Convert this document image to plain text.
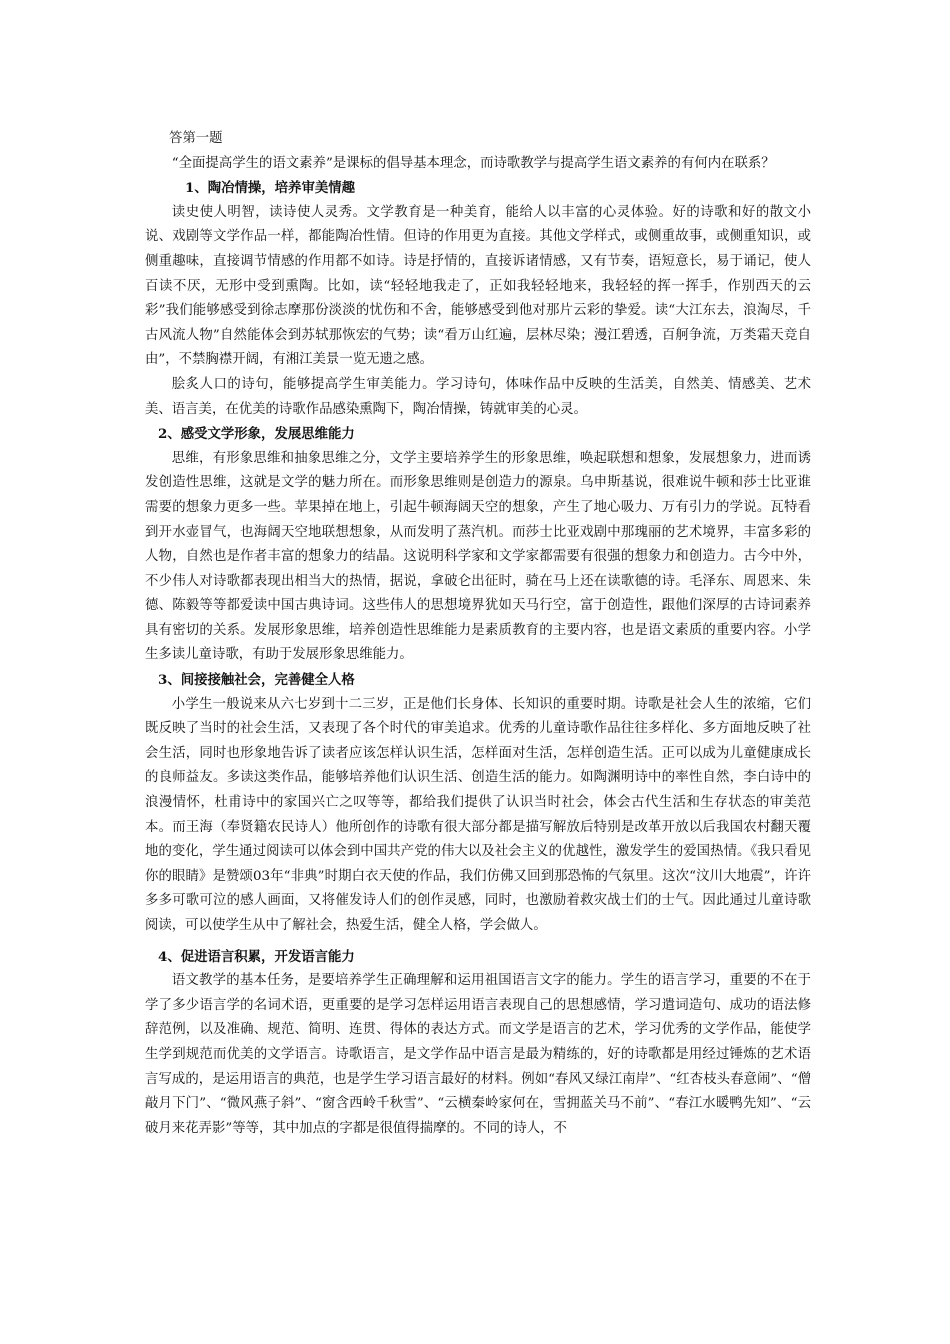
答第一题

“全面提高学生的语文素养”是课标的倡导基本理念，而诗歌教学与提高学生语文素养的有何内在联系？

1、陶冶情操，培养审美情趣

读史使人明智，读诗使人灵秀。文学教育是一种美育，能给人以丰富的心灵体验。好的诗歌和好的散文小说、戏剧等文学作品一样，都能陶冶性情。但诗的作用更为直接。其他文学样式，或侧重故事，或侧重知识，或侧重趣味，直接调节情感的作用都不如诗。诗是抒情的，直接诉诸情感，又有节奏，语短意长，易于诵记，使人百读不厌，无形中受到熏陶。比如，读“轻轻地我走了，正如我轻轻地来，我轻轻的挥一挥手，作别西天的云彩”我们能够感受到徐志摩那份淡淡的忧伤和不舍，能够感受到他对那片云彩的挚爱。读“大江东去，浪淘尽，千古风流人物”自然能体会到苏轼那恢宏的气势；读“看万山红遍，层林尽染；漫江碧透，百舸争流，万类霜天竞自由”，不禁胸襟开阔，有湘江美景一览无遗之感。

脍炙人口的诗句，能够提高学生审美能力。学习诗句，体味作品中反映的生活美，自然美、情感美、艺术美、语言美，在优美的诗歌作品感染熏陶下，陶冶情操，铸就审美的心灵。

2、感受文学形象，发展思维能力

思维，有形象思维和抽象思维之分，文学主要培养学生的形象思维，唤起联想和想象，发展想象力，进而诱发创造性思维，这就是文学的魅力所在。而形象思维则是创造力的源泉。乌申斯基说，很难说牛顿和莎士比亚谁需要的想象力更多一些。苹果掉在地上，引起牛顿海阔天空的想象，产生了地心吸力、万有引力的学说。瓦特看到开水壶冒气，也海阔天空地联想想象，从而发明了蒸汽机。而莎士比亚戏剧中那瑰丽的艺术境界，丰富多彩的人物，自然也是作者丰富的想象力的结晶。这说明科学家和文学家都需要有很强的想象力和创造力。古今中外，不少伟人对诗歌都表现出相当大的热情，据说，拿破仑出征时，骑在马上还在读歌德的诗。毛泽东、周恩来、朱德、陈毅等等都爱读中国古典诗词。这些伟人的思想境界犹如天马行空，富于创造性，跟他们深厚的古诗词素养具有密切的关系。发展形象思维，培养创造性思维能力是素质教育的主要内容，也是语文素质的重要内容。小学生多读儿童诗歌，有助于发展形象思维能力。

3、间接接触社会，完善健全人格

小学生一般说来从六七岁到十二三岁，正是他们长身体、长知识的重要时期。诗歌是社会人生的浓缩，它们既反映了当时的社会生活，又表现了各个时代的审美追求。优秀的儿童诗歌作品往往多样化、多方面地反映了社会生活，同时也形象地告诉了读者应该怎样认识生活，怎样面对生活，怎样创造生活。正可以成为儿童健康成长的良师益友。多读这类作品，能够培养他们认识生活、创造生活的能力。如陶渊明诗中的率性自然，李白诗中的浪漫情怀，杜甫诗中的家国兴亡之叹等等，都给我们提供了认识当时社会，体会古代生活和生存状态的审美范本。而王海（奉贤籍农民诗人）他所创作的诗歌有很大部分都是描写解放后特别是改革开放以后我国农村翻天覆地的变化，学生通过阅读可以体会到中国共产党的伟大以及社会主义的优越性，激发学生的爱国热情。《我只看见你的眼睛》是赞颂03年“非典”时期白衣天使的作品，我们仿佛又回到那恐怖的气氛里。这次“汶川大地震”，许许多多可歌可泣的感人画面，又将催发诗人们的创作灵感，同时，也激励着救灾战士们的士气。因此通过儿童诗歌阅读，可以使学生从中了解社会，热爱生活，健全人格，学会做人。

4、促进语言积累，开发语言能力

语文教学的基本任务，是要培养学生正确理解和运用祖国语言文字的能力。学生的语言学习，重要的不在于学了多少语言学的名词术语，更重要的是学习怎样运用语言表现自己的思想感情，学习遣词造句、成功的语法修辞范例，以及准确、规范、简明、连贯、得体的表达方式。而文学是语言的艺术，学习优秀的文学作品，能使学生学到规范而优美的文学语言。诗歌语言，是文学作品中语言是最为精练的，好的诗歌都是用经过锤炼的艺术语言写成的，是运用语言的典范，也是学生学习语言最好的材料。例如“春风又绿江南岸”、“红杏枝头春意闹”、“僧敲月下门”、“微风燕子斜”、“窗含西岭千秋雪”、“云横秦岭家何在，雪拥蓝关马不前”、“春江水暖鸭先知”、“云破月来花弄影”等等，其中加点的字都是很值得揣摩的。不同的诗人，不
